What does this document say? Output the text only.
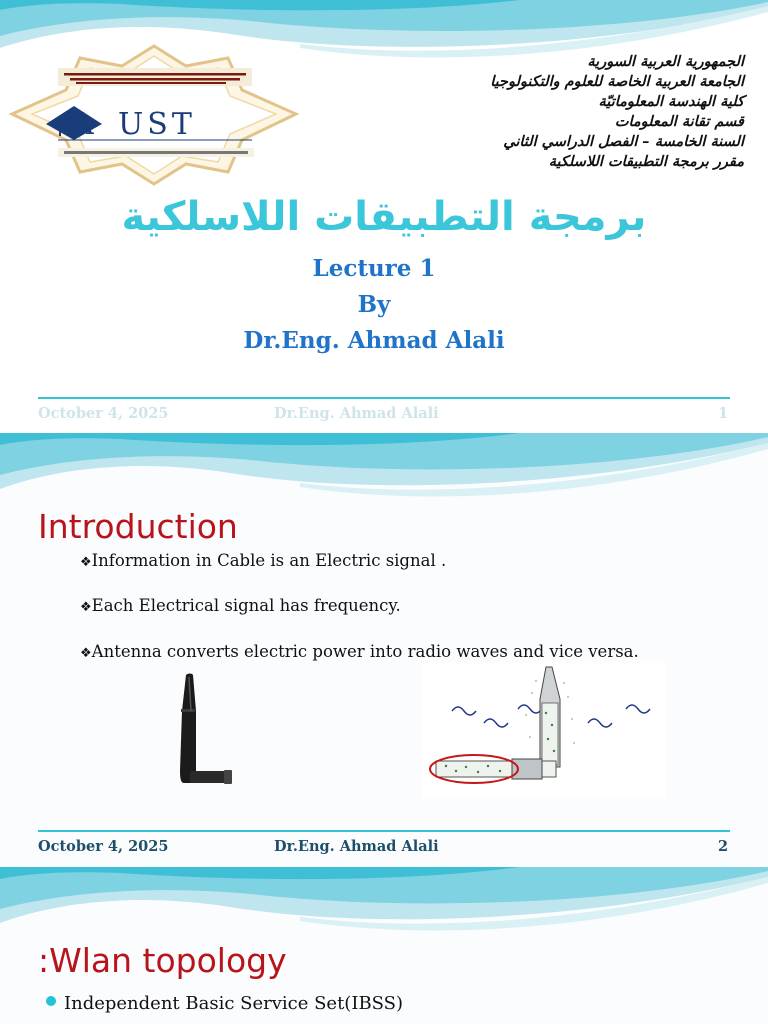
الجمهورية العربية السورية
الجامعة العربية الخاصة للعلوم والتكنولوجيا
كلية الهندسة المعلوماتيّة
قسم تقانة المعلومات
السنة الخامسة – الفصل الدراسي الثاني
مقرر برمجة التطبيقات اللاسلكية
A UST
برمجة التطبيقات اللاسلكية
Lecture 1
By
Dr.Eng. Ahmad Alali
October 4, 2025	Dr.Eng. Ahmad Alali	1
Introduction
❖Information in Cable is an Electric signal .
❖Each Electrical signal has frequency.
❖Antenna converts electric power into radio waves and vice versa.
October 4, 2025	Dr.Eng. Ahmad Alali	2
:Wlan topology
Independent Basic Service Set(IBSS)
